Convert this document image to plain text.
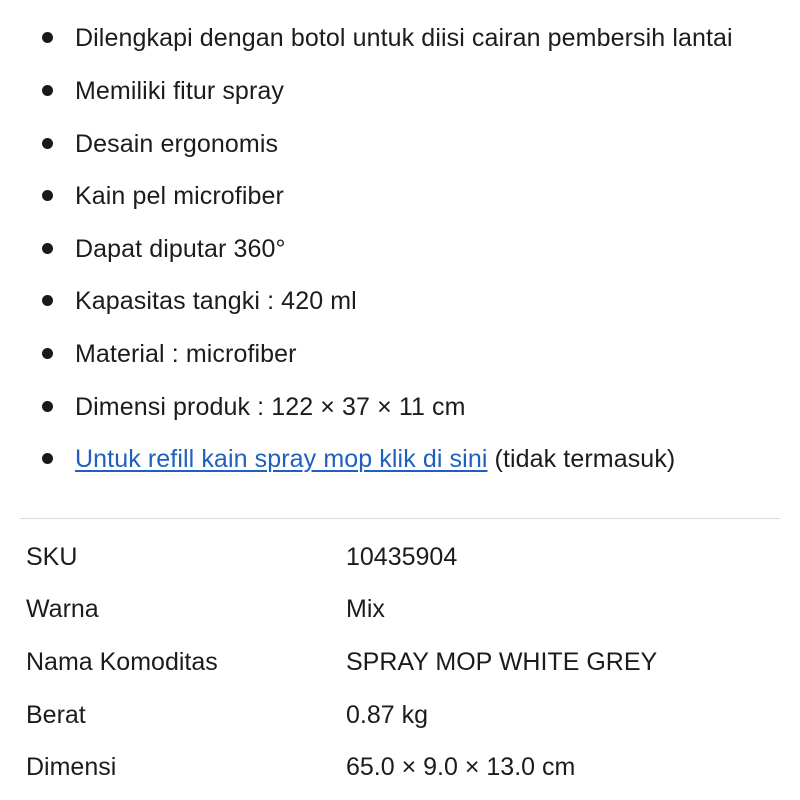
Dilengkapi dengan botol untuk diisi cairan pembersih lantai
Memiliki fitur spray
Desain ergonomis
Kain pel microfiber
Dapat diputar 360°
Kapasitas tangki : 420 ml
Material : microfiber
Dimensi produk : 122 × 37 × 11 cm
Untuk refill kain spray mop klik di sini (tidak termasuk)
SKU	10435904
Warna	Mix
Nama Komoditas	SPRAY MOP WHITE GREY
Berat	0.87 kg
Dimensi	65.0 × 9.0 × 13.0 cm
